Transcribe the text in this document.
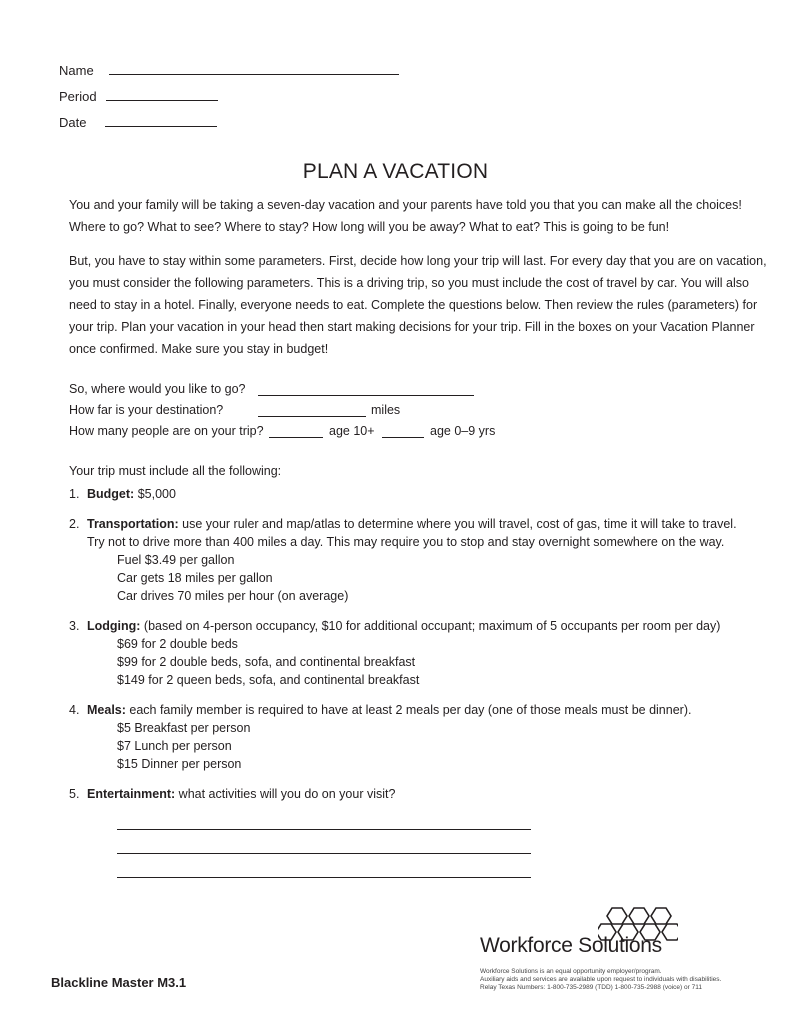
Name
Period
Date
PLAN A VACATION
You and your family will be taking a seven-day vacation and your parents have told you that you can make all the choices! Where to go? What to see? Where to stay? How long will you be away? What to eat? This is going to be fun!
But, you have to stay within some parameters. First, decide how long your trip will last. For every day that you are on vacation, you must consider the following parameters. This is a driving trip, so you must include the cost of travel by car. You will also need to stay in a hotel. Finally, everyone needs to eat. Complete the questions below. Then review the rules (parameters) for your trip. Plan your vacation in your head then start making decisions for your trip. Fill in the boxes on your Vacation Planner once confirmed. Make sure you stay in budget!
So, where would you like to go?
How far is your destination?	miles
How many people are on your trip?	age 10+	age 0–9 yrs
Your trip must include all the following:
1. Budget: $5,000
2. Transportation: use your ruler and map/atlas to determine where you will travel, cost of gas, time it will take to travel.
Try not to drive more than 400 miles a day. This may require you to stop and stay overnight somewhere on the way.
Fuel $3.49 per gallon
Car gets 18 miles per gallon
Car drives 70 miles per hour (on average)
3. Lodging: (based on 4-person occupancy, $10 for additional occupant; maximum of 5 occupants per room per day)
$69 for 2 double beds
$99 for 2 double beds, sofa, and continental breakfast
$149 for 2 queen beds, sofa, and continental breakfast
4. Meals: each family member is required to have at least 2 meals per day (one of those meals must be dinner).
$5 Breakfast per person
$7 Lunch per person
$15 Dinner per person
5. Entertainment: what activities will you do on your visit?
Workforce Solutions
Workforce Solutions is an equal opportunity employer/program.
Auxiliary aids and services are available upon request to individuals with disabilities.
Relay Texas Numbers: 1-800-735-2989 (TDD) 1-800-735-2988 (voice) or 711
Blackline Master M3.1
